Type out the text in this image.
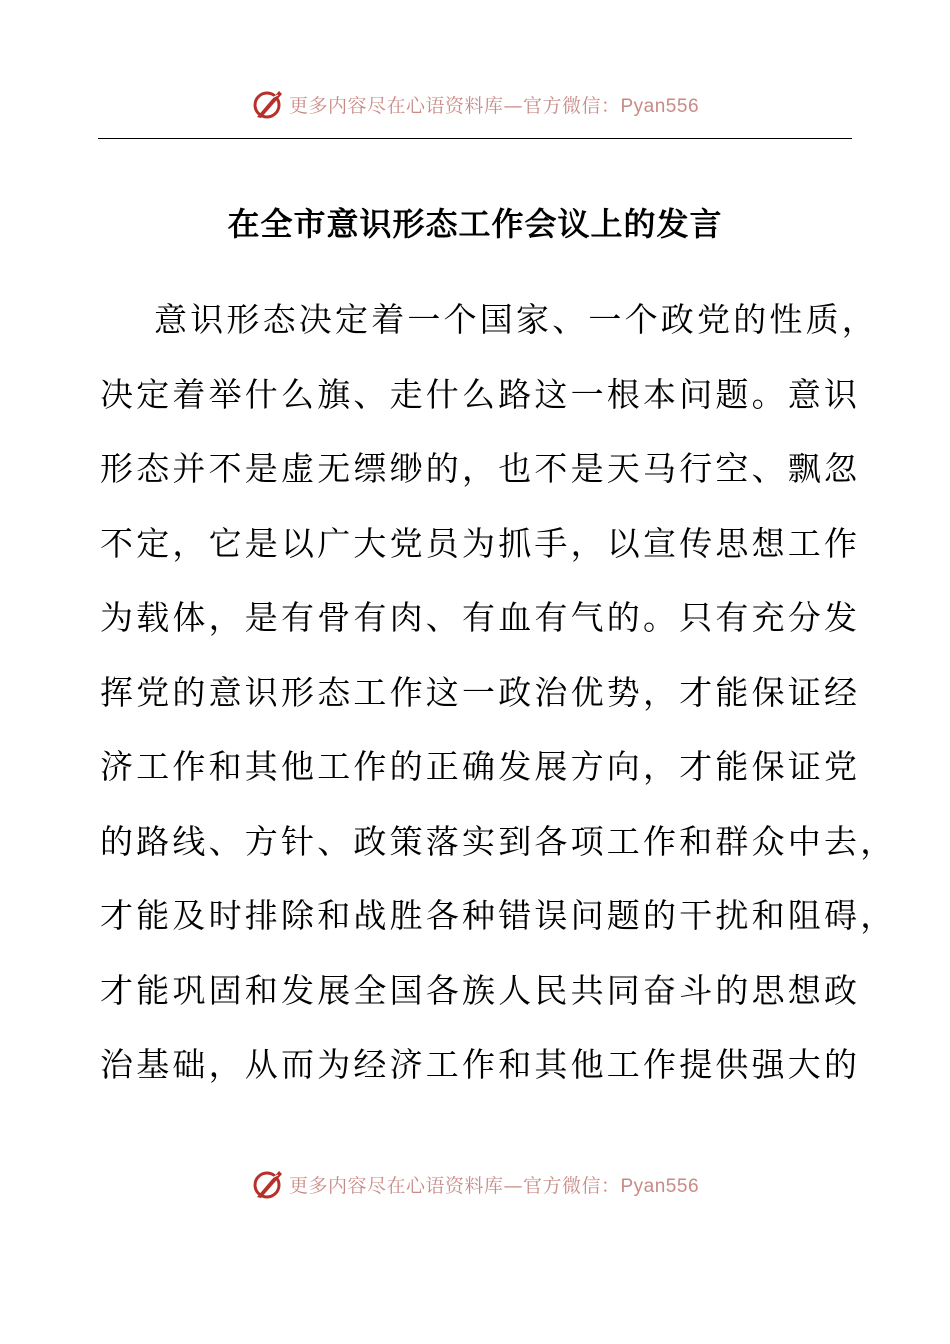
更多内容尽在心语资料库—官方微信：Pyan556
在全市意识形态工作会议上的发言
意识形态决定着一个国家、一个政党的性质，
决定着举什么旗、走什么路这一根本问题。意识
形态并不是虚无缥缈的，也不是天马行空、飘忽
不定，它是以广大党员为抓手，以宣传思想工作
为载体，是有骨有肉、有血有气的。只有充分发
挥党的意识形态工作这一政治优势，才能保证经
济工作和其他工作的正确发展方向，才能保证党
的路线、方针、政策落实到各项工作和群众中去，
才能及时排除和战胜各种错误问题的干扰和阻碍，
才能巩固和发展全国各族人民共同奋斗的思想政
治基础，从而为经济工作和其他工作提供强大的
更多内容尽在心语资料库—官方微信：Pyan556
